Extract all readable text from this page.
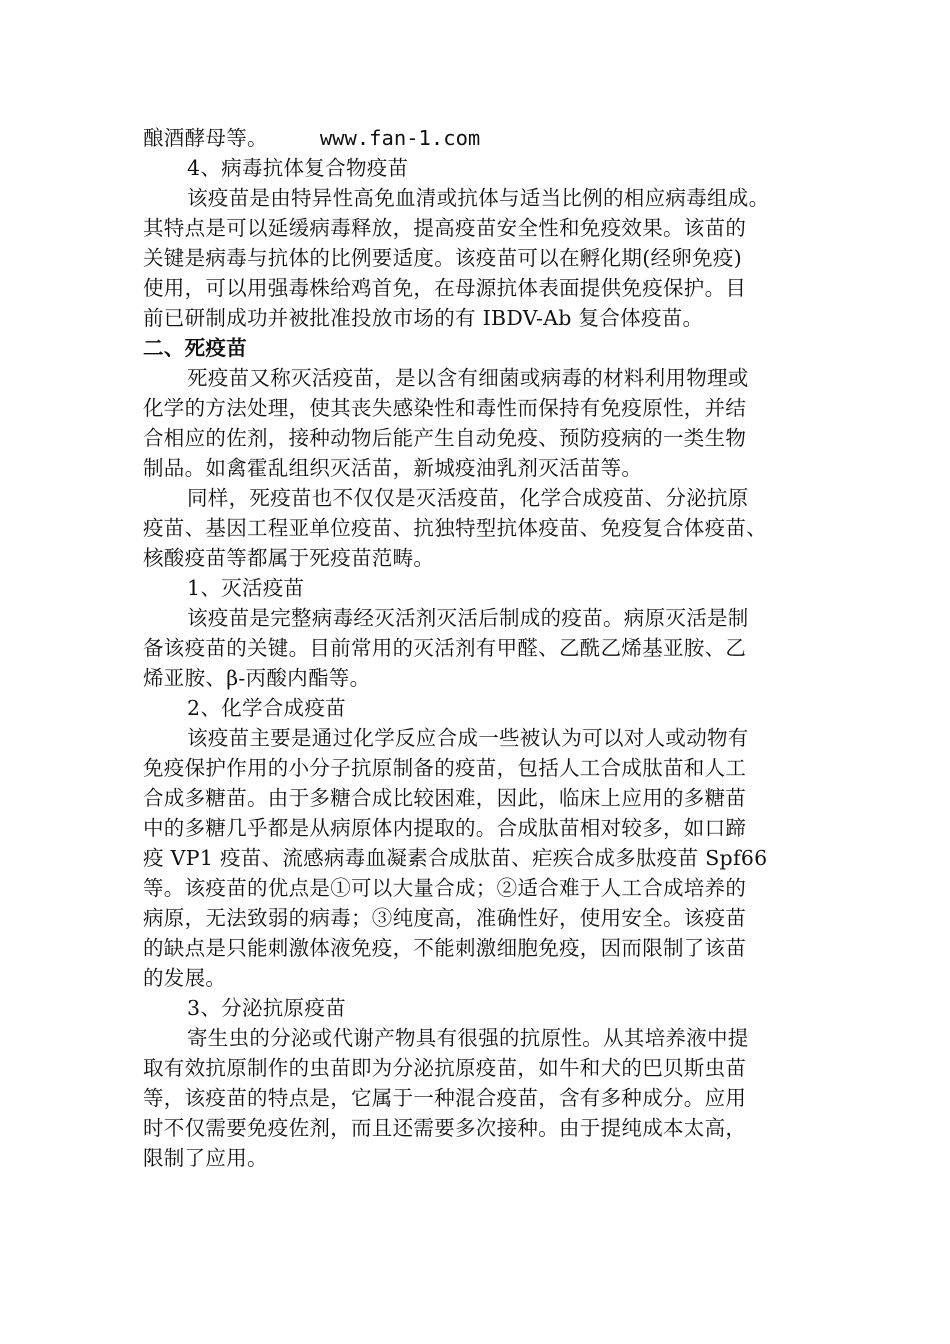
酿酒酵母等。	www.fan-1.com

4、病毒抗体复合物疫苗

该疫苗是由特异性高免血清或抗体与适当比例的相应病毒组成。

其特点是可以延缓病毒释放，提高疫苗安全性和免疫效果。该苗的

关键是病毒与抗体的比例要适度。该疫苗可以在孵化期(经卵免疫)

使用，可以用强毒株给鸡首免，在母源抗体表面提供免疫保护。目

前已研制成功并被批准投放市场的有 IBDV-Ab 复合体疫苗。

二、死疫苗

死疫苗又称灭活疫苗，是以含有细菌或病毒的材料利用物理或

化学的方法处理，使其丧失感染性和毒性而保持有免疫原性，并结

合相应的佐剂，接种动物后能产生自动免疫、预防疫病的一类生物

制品。如禽霍乱组织灭活苗，新城疫油乳剂灭活苗等。

同样，死疫苗也不仅仅是灭活疫苗，化学合成疫苗、分泌抗原

疫苗、基因工程亚单位疫苗、抗独特型抗体疫苗、免疫复合体疫苗、

核酸疫苗等都属于死疫苗范畴。

1、灭活疫苗

该疫苗是完整病毒经灭活剂灭活后制成的疫苗。病原灭活是制

备该疫苗的关键。目前常用的灭活剂有甲醛、乙酰乙烯基亚胺、乙

烯亚胺、β-丙酸内酯等。

2、化学合成疫苗

该疫苗主要是通过化学反应合成一些被认为可以对人或动物有

免疫保护作用的小分子抗原制备的疫苗，包括人工合成肽苗和人工

合成多糖苗。由于多糖合成比较困难，因此，临床上应用的多糖苗

中的多糖几乎都是从病原体内提取的。合成肽苗相对较多，如口蹄

疫 VP1 疫苗、流感病毒血凝素合成肽苗、疟疾合成多肽疫苗 Spf66

等。该疫苗的优点是①可以大量合成；②适合难于人工合成培养的

病原，无法致弱的病毒；③纯度高，准确性好，使用安全。该疫苗

的缺点是只能刺激体液免疫，不能刺激细胞免疫，因而限制了该苗

的发展。

3、分泌抗原疫苗

寄生虫的分泌或代谢产物具有很强的抗原性。从其培养液中提

取有效抗原制作的虫苗即为分泌抗原疫苗，如牛和犬的巴贝斯虫苗

等，该疫苗的特点是，它属于一种混合疫苗，含有多种成分。应用

时不仅需要免疫佐剂，而且还需要多次接种。由于提纯成本太高，

限制了应用。
